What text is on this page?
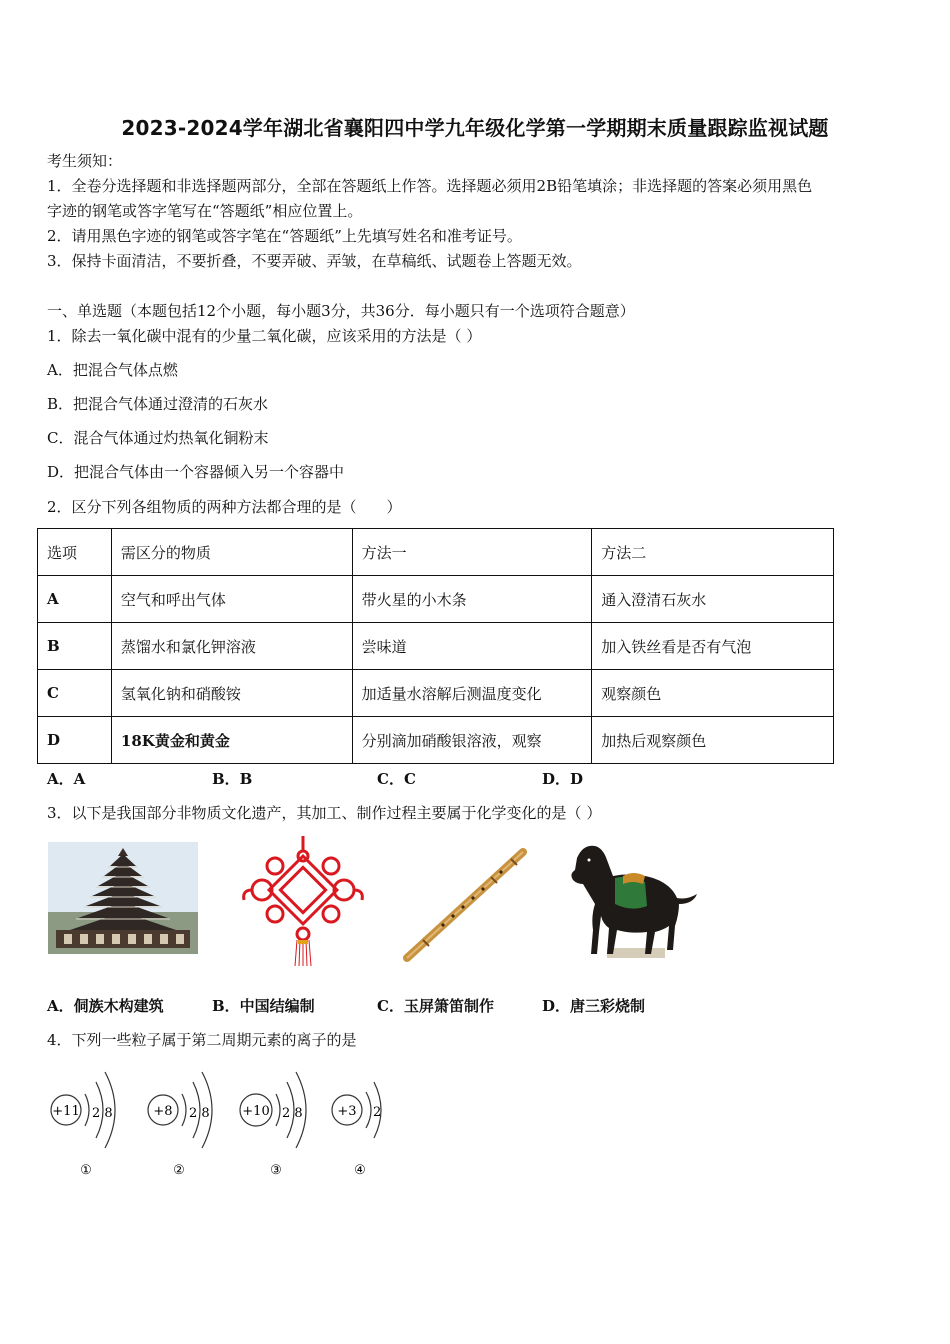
2023-2024学年湖北省襄阳四中学九年级化学第一学期期末质量跟踪监视试题
考生须知：
1．全卷分选择题和非选择题两部分，全部在答题纸上作答。选择题必须用2B铅笔填涂；非选择题的答案必须用黑色
字迹的钢笔或答字笔写在“答题纸”相应位置上。
2．请用黑色字迹的钢笔或答字笔在“答题纸”上先填写姓名和准考证号。
3．保持卡面清洁，不要折叠，不要弄破、弄皱，在草稿纸、试题卷上答题无效。
一、单选题（本题包括12个小题，每小题3分，共36分．每小题只有一个选项符合题意）
1．除去一氧化碳中混有的少量二氧化碳，应该采用的方法是（ ）
A．把混合气体点燃
B．把混合气体通过澄清的石灰水
C．混合气体通过灼热氧化铜粉末
D．把混合气体由一个容器倾入另一个容器中
2．区分下列各组物质的两种方法都合理的是（　　）
选项	需区分的物质	方法一	方法二
A	空气和呼出气体	带火星的小木条	通入澄清石灰水
B	蒸馏水和氯化钾溶液	尝味道	加入铁丝看是否有气泡
C	氢氧化钠和硝酸铵	加适量水溶解后测温度变化	观察颜色
D	18K黄金和黄金	分别滴加硝酸银溶液，观察	加热后观察颜色
A．A	B．B	C．C	D．D
3．以下是我国部分非物质文化遗产，其加工、制作过程主要属于化学变化的是（ ）
A．侗族木构建筑	B．中国结编制	C．玉屏箫笛制作	D．唐三彩烧制
4．下列一些粒子属于第二周期元素的离子的是
+11 2 8
①
+8 2 8
②
+10 2 8
③
+3 2
④
